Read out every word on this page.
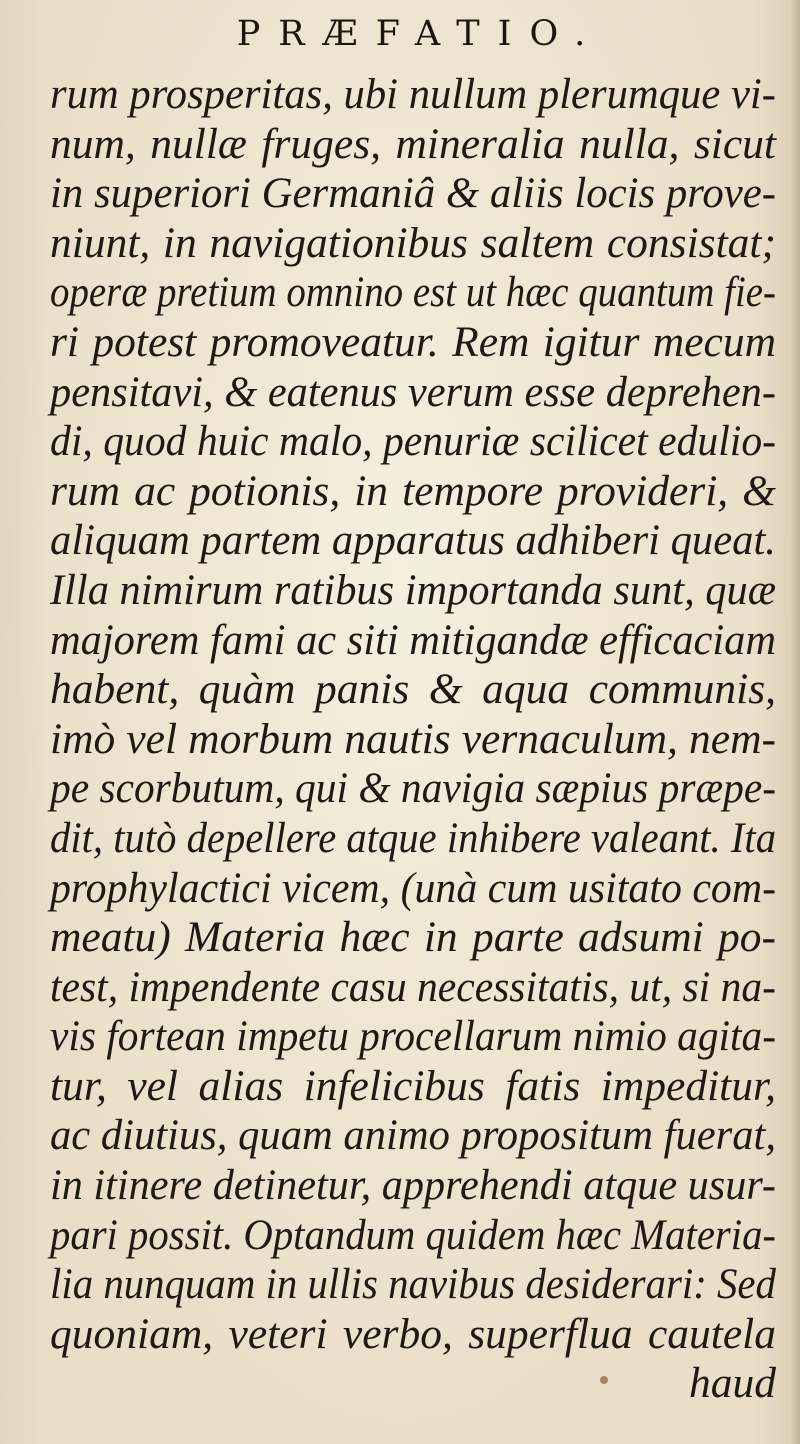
PRÆFATIO.
rum prosperitas, ubi nullum plerumque vi-
num, nullæ fruges, mineralia nulla, sicut
in superiori Germaniâ & aliis locis prove-
niunt, in navigationibus saltem consistat;
operæ pretium omnino est ut hæc quantum fie-
ri potest promoveatur. Rem igitur mecum
pensitavi, & eatenus verum esse deprehen-
di, quod huic malo, penuriæ scilicet edulio-
rum ac potionis, in tempore provideri, &
aliquam partem apparatus adhiberi queat.
Illa nimirum ratibus importanda sunt, quæ
majorem fami ac siti mitigandæ efficaciam
habent, quàm panis & aqua communis,
imò vel morbum nautis vernaculum, nem-
pe scorbutum, qui & navigia sæpius præpe-
dit, tutò depellere atque inhibere valeant. Ita
prophylactici vicem, (unà cum usitato com-
meatu) Materia hæc in parte adsumi po-
test, impendente casu necessitatis, ut, si na-
vis fortean impetu procellarum nimio agita-
tur, vel alias infelicibus fatis impeditur,
ac diutius, quam animo propositum fuerat,
in itinere detinetur, apprehendi atque usur-
pari possit. Optandum quidem hæc Materia-
lia nunquam in ullis navibus desiderari: Sed
quoniam, veteri verbo, superflua cautela
haud
